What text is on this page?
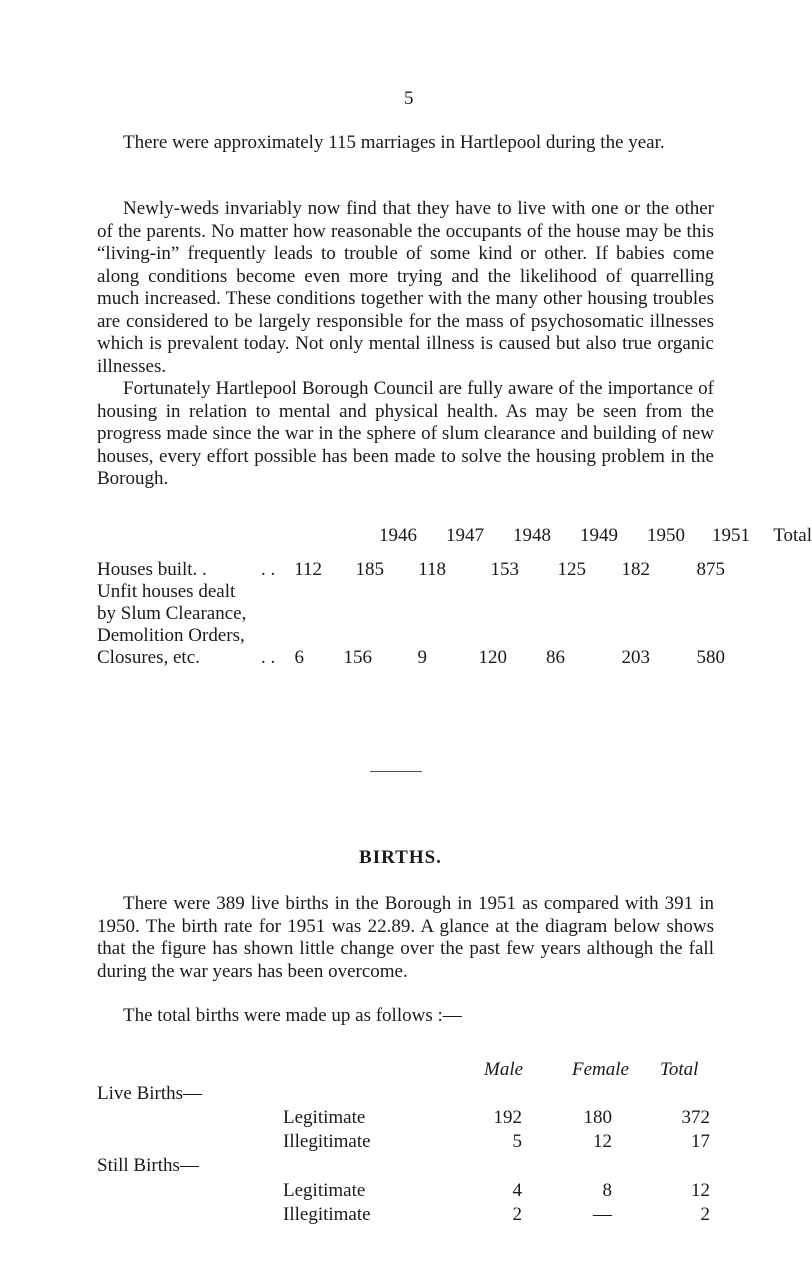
5

There were approximately 115 marriages in Hartlepool during the year.

Newly-weds invariably now find that they have to live with one or the other of the parents. No matter how reasonable the occupants of the house may be this “living-in” frequently leads to trouble of some kind or other. If babies come along conditions become even more trying and the likelihood of quarrelling much increased. These conditions together with the many other housing troubles are considered to be largely responsible for the mass of psychosomatic illnesses which is prevalent today. Not only mental illness is caused but also true organic illnesses.

Fortunately Hartlepool Borough Council are fully aware of the importance of housing in relation to mental and physical health. As may be seen from the progress made since the war in the sphere of slum clearance and building of new houses, every effort possible has been made to solve the housing problem in the Borough.

1946	1947	1948	1949	1950	1951	Total
Houses built. .	. . 112	185	118	153	125	182	875
Unfit houses dealt
by Slum Clearance,
Demolition Orders,
Closures, etc.	. .	6	156	9	120	86	203	580
BIRTHS.

There were 389 live births in the Borough in 1951 as compared with 391 in 1950. The birth rate for 1951 was 22.89. A glance at the diagram below shows that the figure has shown little change over the past few years although the fall during the war years has been overcome.

The total births were made up as follows :—

Male	Female Total
Live Births—
Legitimate	192	180	372
Illegitimate	5	12	17
Still Births—
Legitimate	4	8	12
Illegitimate	2	—	2
